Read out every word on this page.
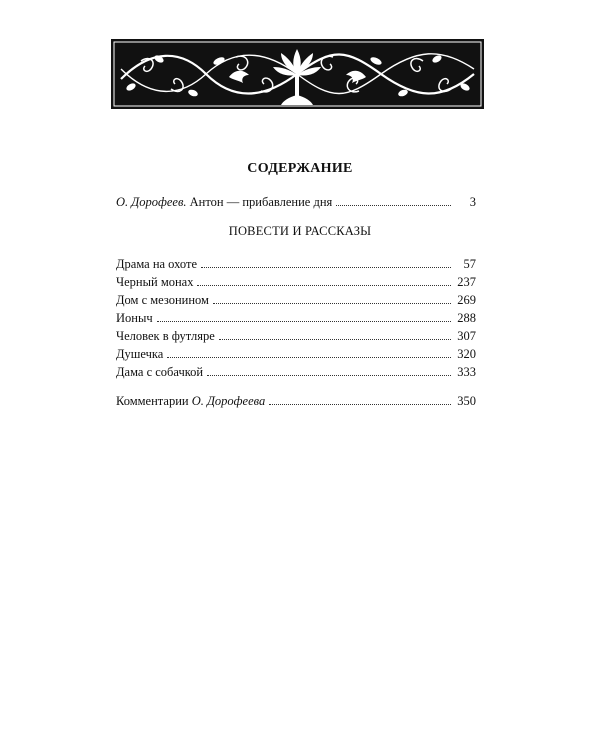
СОДЕРЖАНИЕ
О. Дорофеев. Антон — прибавление дня	3
ПОВЕСТИ И РАССКАЗЫ
Драма на охоте	57
Черный монах	237
Дом с мезонином	269
Ионыч	288
Человек в футляре	307
Душечка	320
Дама с собачкой	333
Комментарии О. Дорофеева	350
